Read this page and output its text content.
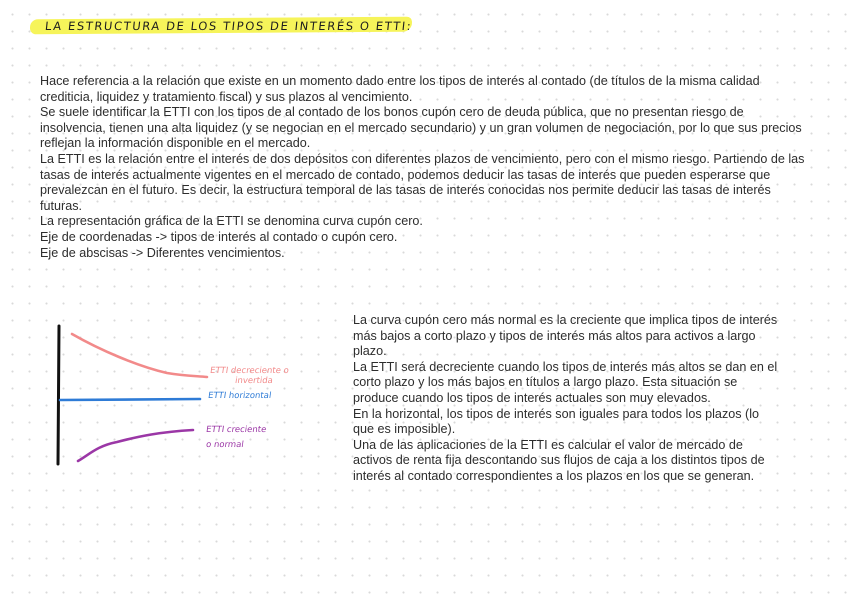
LA ESTRUCTURA DE LOS TIPOS DE INTERÉS O ETTI:

Hace referencia a la relación que existe en un momento dado entre los tipos de interés al contado (de títulos de la misma calidad crediticia, liquidez y tratamiento fiscal) y sus plazos al vencimiento.

Se suele identificar la ETTI con los tipos de al contado de los bonos cupón cero de deuda pública, que no presentan riesgo de insolvencia, tienen una alta liquidez (y se negocian en el mercado secundario) y un gran volumen de negociación, por lo que sus precios reflejan la información disponible en el mercado.

La ETTI es la relación entre el interés de dos depósitos con diferentes plazos de vencimiento, pero con el mismo riesgo. Partiendo de las tasas de interés actualmente vigentes en el mercado de contado, podemos deducir las tasas de interés que pueden esperarse que prevalezcan en el futuro. Es decir, la estructura temporal de las tasas de interés conocidas nos permite deducir las tasas de interés futuras.

La representación gráfica de la ETTI se denomina curva cupón cero.

Eje de coordenadas -> tipos de interés al contado o cupón cero.

Eje de abscisas -> Diferentes vencimientos.

ETTI decreciente o
invertida
ETTI horizontal
ETTI creciente
o normal

La curva cupón cero más normal es la creciente que implica tipos de interés más bajos a corto plazo y tipos de interés más altos para activos a largo plazo.

La ETTI será decreciente cuando los tipos de interés más altos se dan en el corto plazo y los más bajos en títulos a largo plazo. Esta situación se produce cuando los tipos de interés actuales son muy elevados.

En la horizontal, los tipos de interés son iguales para todos los plazos (lo que es imposible).

Una de las aplicaciones de la ETTI es calcular el valor de mercado de activos de renta fija descontando sus flujos de caja a los distintos tipos de interés al contado correspondientes a los plazos en los que se generan.
